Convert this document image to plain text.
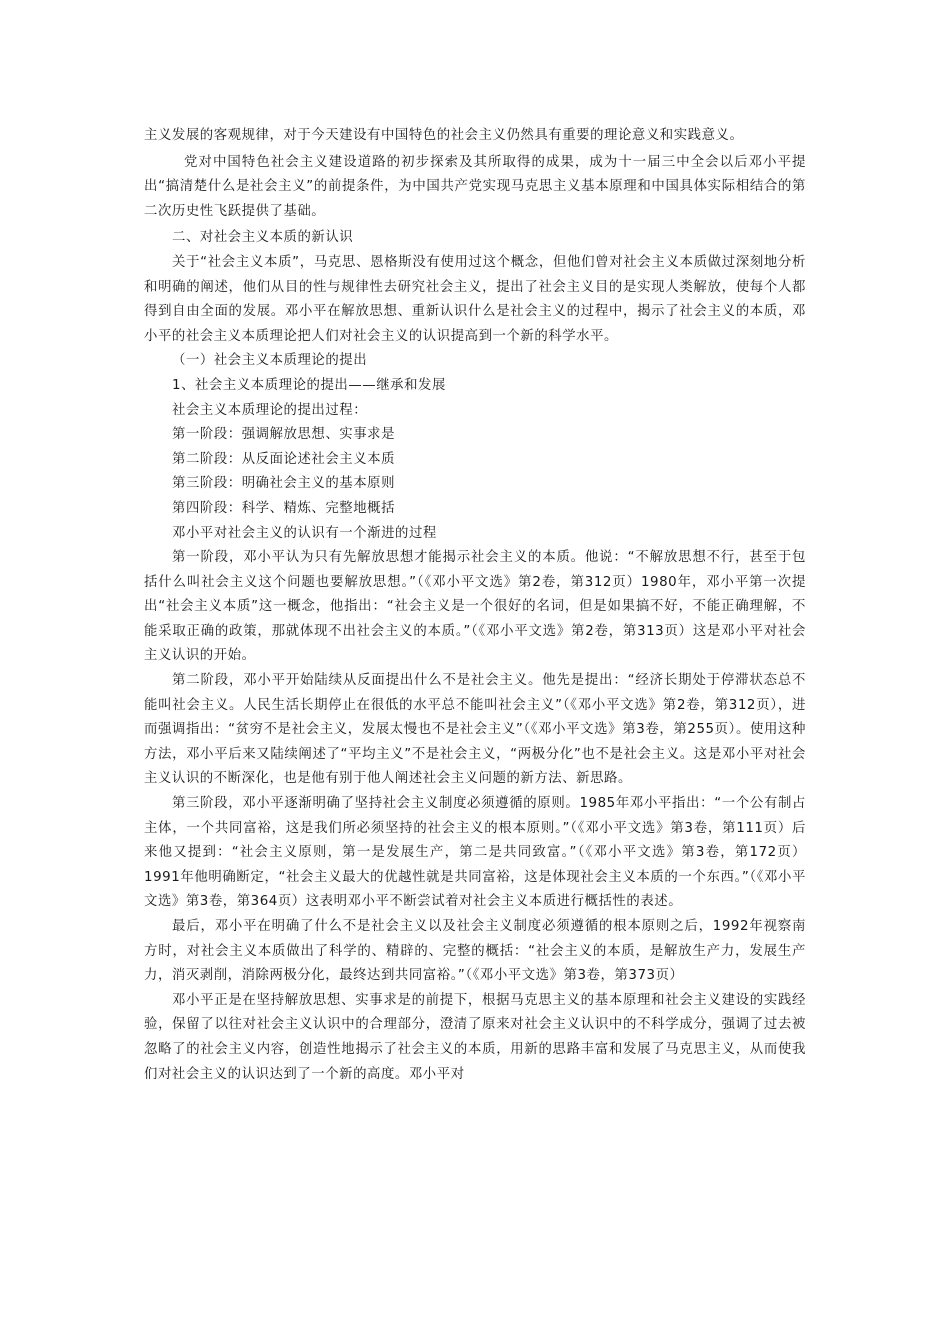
主义发展的客观规律，对于今天建设有中国特色的社会主义仍然具有重要的理论意义和实践意义。

党对中国特色社会主义建设道路的初步探索及其所取得的成果，成为十一届三中全会以后邓小平提出“搞清楚什么是社会主义”的前提条件，为中国共产党实现马克思主义基本原理和中国具体实际相结合的第二次历史性飞跃提供了基础。

二、对社会主义本质的新认识

关于“社会主义本质”，马克思、恩格斯没有使用过这个概念，但他们曾对社会主义本质做过深刻地分析和明确的阐述，他们从目的性与规律性去研究社会主义，提出了社会主义目的是实现人类解放，使每个人都得到自由全面的发展。邓小平在解放思想、重新认识什么是社会主义的过程中，揭示了社会主义的本质，邓小平的社会主义本质理论把人们对社会主义的认识提高到一个新的科学水平。

（一）社会主义本质理论的提出

1、社会主义本质理论的提出——继承和发展

社会主义本质理论的提出过程：

第一阶段：强调解放思想、实事求是

第二阶段：从反面论述社会主义本质

第三阶段：明确社会主义的基本原则

第四阶段：科学、精炼、完整地概括

邓小平对社会主义的认识有一个渐进的过程

第一阶段，邓小平认为只有先解放思想才能揭示社会主义的本质。他说：“不解放思想不行，甚至于包括什么叫社会主义这个问题也要解放思想。”（《邓小平文选》第2卷，第312页）1980年，邓小平第一次提出“社会主义本质”这一概念，他指出：“社会主义是一个很好的名词，但是如果搞不好，不能正确理解，不能采取正确的政策，那就体现不出社会主义的本质。”（《邓小平文选》第2卷，第313页）这是邓小平对社会主义认识的开始。

第二阶段，邓小平开始陆续从反面提出什么不是社会主义。他先是提出：“经济长期处于停滞状态总不能叫社会主义。人民生活长期停止在很低的水平总不能叫社会主义”（《邓小平文选》第2卷，第312页），进而强调指出：“贫穷不是社会主义，发展太慢也不是社会主义”（《邓小平文选》第3卷，第255页）。使用这种方法，邓小平后来又陆续阐述了“平均主义”不是社会主义，“两极分化”也不是社会主义。这是邓小平对社会主义认识的不断深化，也是他有别于他人阐述社会主义问题的新方法、新思路。

第三阶段，邓小平逐渐明确了坚持社会主义制度必须遵循的原则。1985年邓小平指出：“一个公有制占主体，一个共同富裕，这是我们所必须坚持的社会主义的根本原则。”（《邓小平文选》第3卷，第111页）后来他又提到：“社会主义原则，第一是发展生产，第二是共同致富。”（《邓小平文选》第3卷，第172页）1991年他明确断定，“社会主义最大的优越性就是共同富裕，这是体现社会主义本质的一个东西。”（《邓小平文选》第3卷，第364页）这表明邓小平不断尝试着对社会主义本质进行概括性的表述。

最后，邓小平在明确了什么不是社会主义以及社会主义制度必须遵循的根本原则之后，1992年视察南方时，对社会主义本质做出了科学的、精辟的、完整的概括：“社会主义的本质，是解放生产力，发展生产力，消灭剥削，消除两极分化，最终达到共同富裕。”（《邓小平文选》第3卷，第373页）

邓小平正是在坚持解放思想、实事求是的前提下，根据马克思主义的基本原理和社会主义建设的实践经验，保留了以往对社会主义认识中的合理部分，澄清了原来对社会主义认识中的不科学成分，强调了过去被忽略了的社会主义内容，创造性地揭示了社会主义的本质，用新的思路丰富和发展了马克思主义，从而使我们对社会主义的认识达到了一个新的高度。邓小平对
